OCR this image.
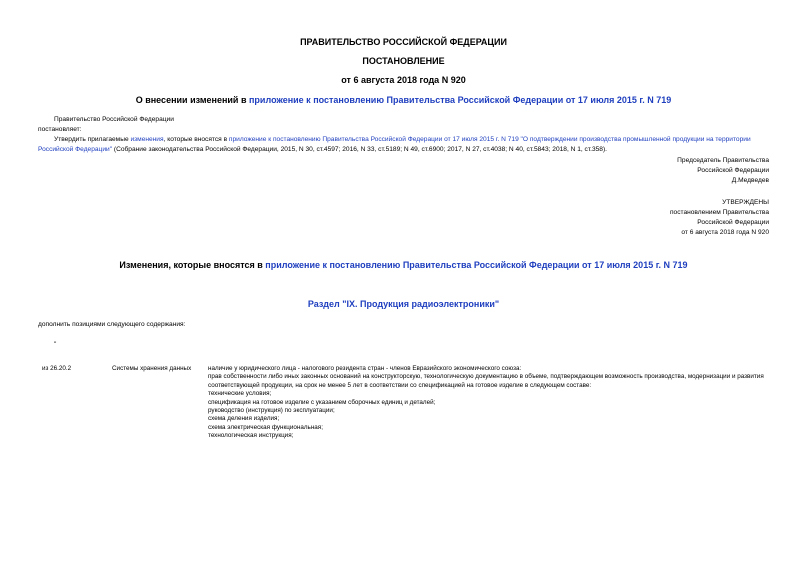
ПРАВИТЕЛЬСТВО РОССИЙСКОЙ ФЕДЕРАЦИИ
ПОСТАНОВЛЕНИЕ
от 6 августа 2018 года N 920
О внесении изменений в приложение к постановлению Правительства Российской Федерации от 17 июля 2015 г. N 719
Правительство Российской Федерации
постановляет:
Утвердить прилагаемые изменения, которые вносятся в приложение к постановлению Правительства Российской Федерации от 17 июля 2015 г. N 719 "О подтверждении производства промышленной продукции на территории Российской Федерации" (Собрание законодательства Российской Федерации, 2015, N 30, ст.4597; 2016, N 33, ст.5189; N 49, ст.6900; 2017, N 27, ст.4038; N 40, ст.5843; 2018, N 1, ст.358).
Председатель Правительства
Российской Федерации
Д.Медведев
УТВЕРЖДЕНЫ
постановлением Правительства
Российской Федерации
от 6 августа 2018 года N 920
Изменения, которые вносятся в приложение к постановлению Правительства Российской Федерации от 17 июля 2015 г. N 719
Раздел "IX. Продукция радиоэлектроники"
дополнить позициями следующего содержания:
"
из 26.20.2	Системы хранения данных	наличие у юридического лица - налогового резидента стран - членов Евразийского экономического союза:
прав собственности либо иных законных оснований на конструкторскую, технологическую документацию в объеме, подтверждающем возможность производства, модернизации и развития соответствующей продукции, на срок не менее 5 лет в соответствии со спецификацией на готовое изделие в следующем составе:
технические условия;
спецификация на готовое изделие с указанием сборочных единиц и деталей;
руководство (инструкция) по эксплуатации;
схема деления изделия;
схема электрическая функциональная;
технологическая инструкция;
